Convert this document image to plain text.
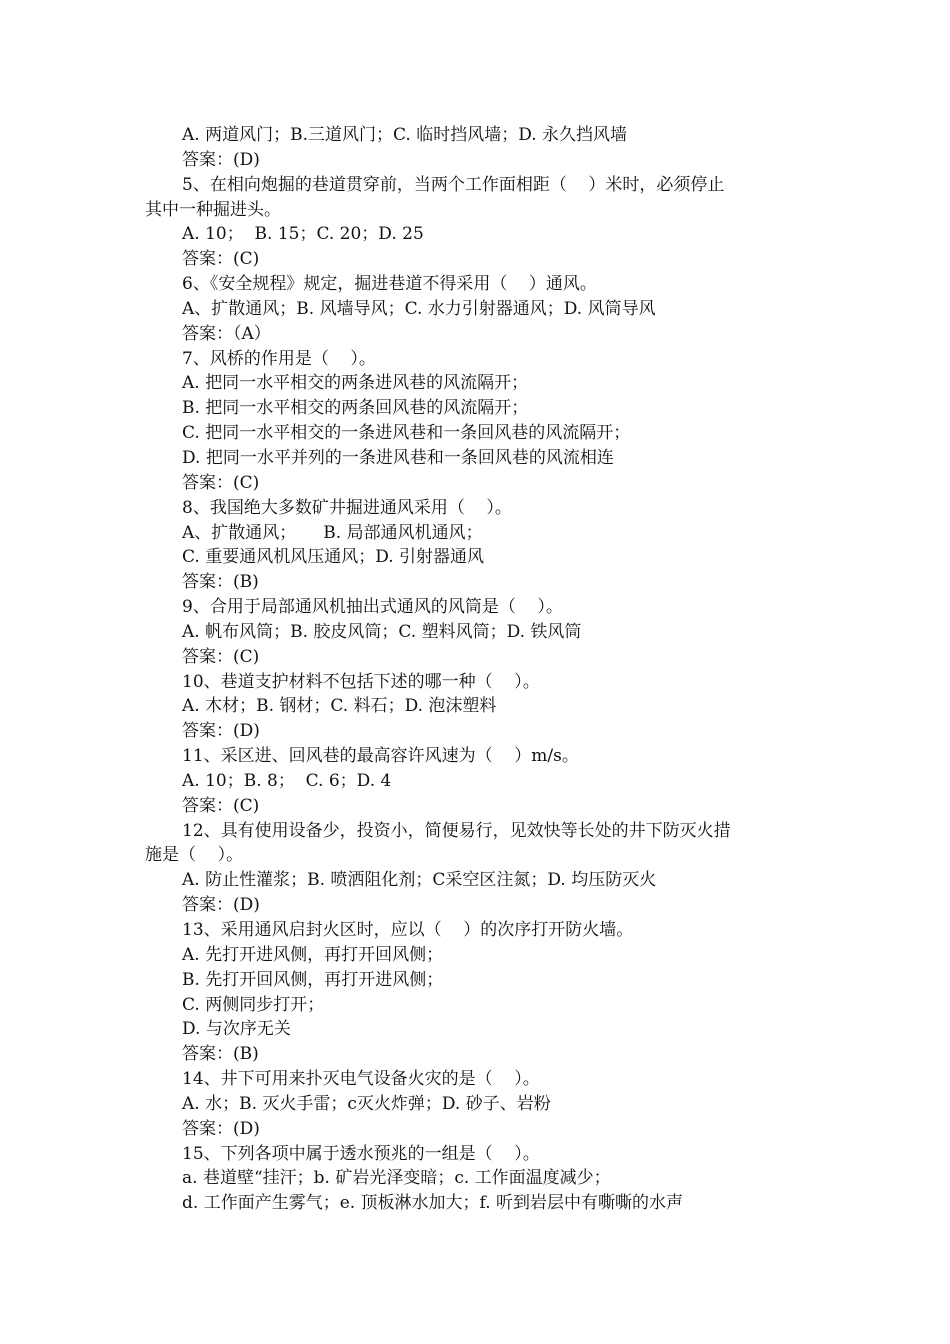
A. 两道风门；B.三道风门；C. 临时挡风墙；D. 永久挡风墙
答案：(D)
5、在相向炮掘的巷道贯穿前，当两个工作面相距（    ）米时，必须停止
其中一种掘进头。
A. 10；  B. 15；C. 20；D. 25
答案：(C)
6、《安全规程》规定，掘进巷道不得采用（    ）通风。
A、扩散通风；B. 风墙导风；C. 水力引射器通风；D. 风筒导风
答案：（A）
7、风桥的作用是（    ）。
A. 把同一水平相交的两条进风巷的风流隔开；
B. 把同一水平相交的两条回风巷的风流隔开；
C. 把同一水平相交的一条进风巷和一条回风巷的风流隔开；
D. 把同一水平并列的一条进风巷和一条回风巷的风流相连
答案：(C)
8、我国绝大多数矿井掘进通风采用（    ）。
A、扩散通风；     B. 局部通风机通风；
C. 重要通风机风压通风；D. 引射器通风
答案：(B)
9、合用于局部通风机抽出式通风的风筒是（    ）。
A. 帆布风筒；B. 胶皮风筒；C. 塑料风筒；D. 铁风筒
答案：(C)
10、巷道支护材料不包括下述的哪一种（    ）。
A. 木材；B. 钢材；C. 料石；D. 泡沫塑料
答案：(D)
11、采区进、回风巷的最高容许风速为（    ）m/s。
A. 10；B. 8；  C. 6；D. 4
答案：(C)
12、具有使用设备少，投资小，简便易行，见效快等长处的井下防灭火措
施是（    ）。
A. 防止性灌浆；B. 喷洒阻化剂；C采空区注氮；D. 均压防灭火
答案：(D)
13、采用通风启封火区时，应以（    ）的次序打开防火墙。
A. 先打开进风侧，再打开回风侧；
B. 先打开回风侧，再打开进风侧；
C. 两侧同步打开；
D. 与次序无关
答案：(B)
14、井下可用来扑灭电气设备火灾的是（    ）。
A. 水；B. 灭火手雷；c灭火炸弹；D. 砂子、岩粉
答案：(D)
15、下列各项中属于透水预兆的一组是（    ）。
a. 巷道壁“挂汗；b. 矿岩光泽变暗；c. 工作面温度减少；
d. 工作面产生雾气；e. 顶板淋水加大；f. 听到岩层中有嘶嘶的水声
